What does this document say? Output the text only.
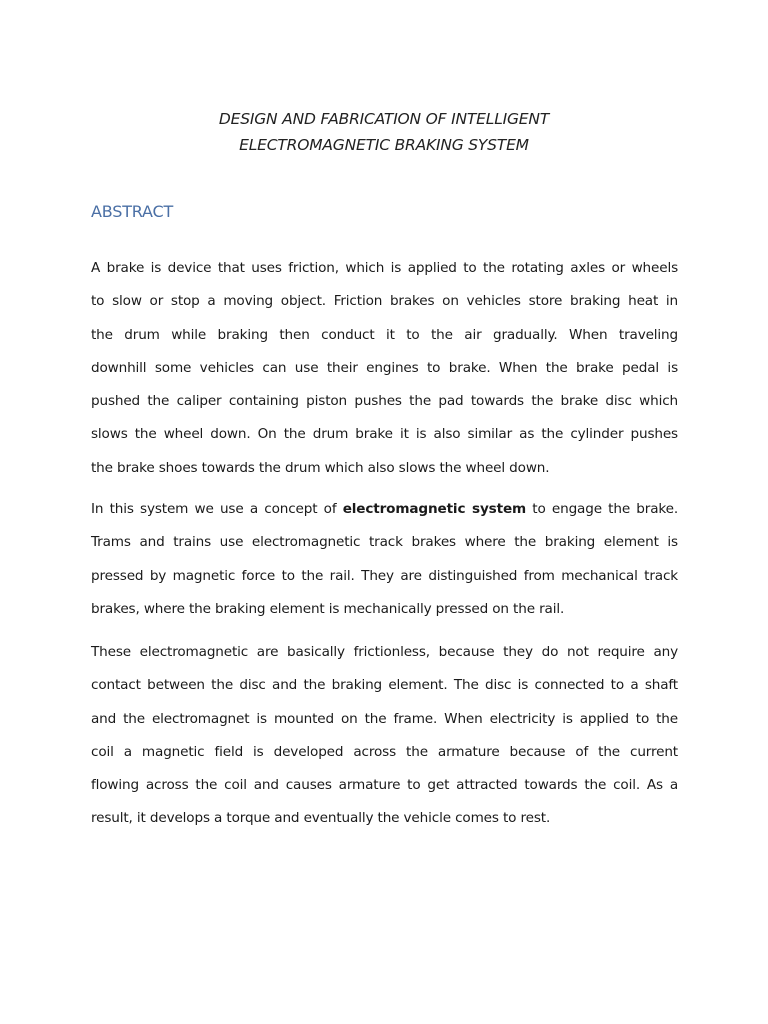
DESIGN AND FABRICATION OF INTELLIGENT
ELECTROMAGNETIC BRAKING SYSTEM
ABSTRACT

A brake is device that uses friction, which is applied to the rotating axles or wheels
to slow or stop a moving object. Friction brakes on vehicles store braking heat in
the drum while braking then conduct it to the air gradually. When traveling
downhill some vehicles can use their engines to brake. When the brake pedal is
pushed the caliper containing piston pushes the pad towards the brake disc which
slows the wheel down. On the drum brake it is also similar as the cylinder pushes
the brake shoes towards the drum which also slows the wheel down.

In this system we use a concept of electromagnetic system to engage the brake.
Trams and trains use electromagnetic track brakes where the braking element is
pressed by magnetic force to the rail. They are distinguished from mechanical track
brakes, where the braking element is mechanically pressed on the rail.

These electromagnetic are basically frictionless, because they do not require any
contact between the disc and the braking element. The disc is connected to a shaft
and the electromagnet is mounted on the frame. When electricity is applied to the
coil a magnetic field is developed across the armature because of the current
flowing across the coil and causes armature to get attracted towards the coil. As a
result, it develops a torque and eventually the vehicle comes to rest.
